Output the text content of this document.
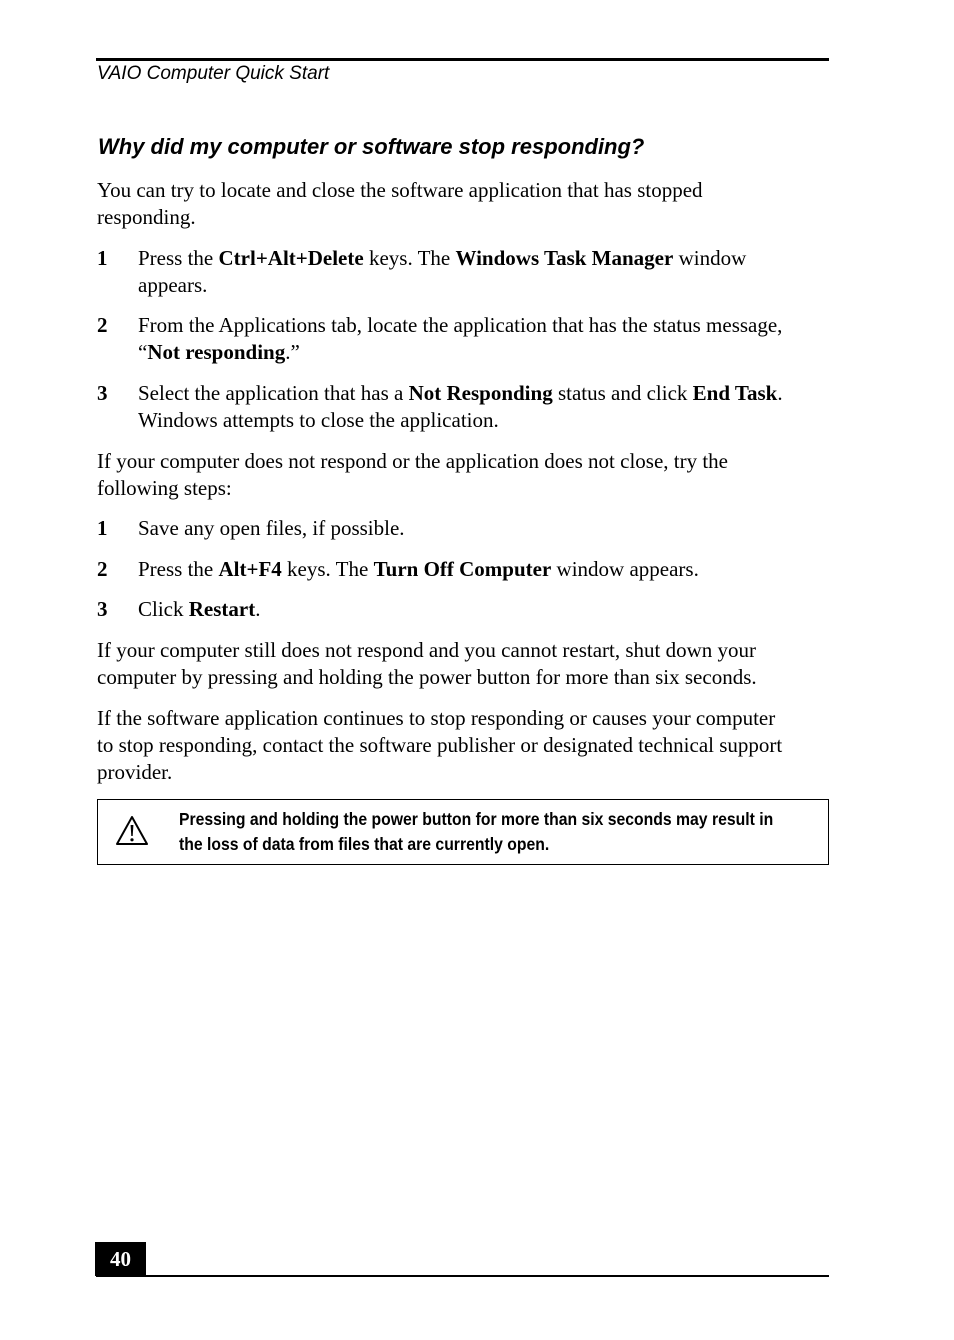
VAIO Computer Quick Start
Why did my computer or software stop responding?

You can try to locate and close the software application that has stopped

responding.

1 Press the Ctrl+Alt+Delete keys. The Windows Task Manager window
appears.
2 From the Applications tab, locate the application that has the status message,
“Not responding.”
3 Select the application that has a Not Responding status and click End Task.
Windows attempts to close the application.

If your computer does not respond or the application does not close, try the

following steps:

1 Save any open files, if possible.
2 Press the Alt+F4 keys. The Turn Off Computer window appears.
3 Click Restart.

If your computer still does not respond and you cannot restart, shut down your

computer by pressing and holding the power button for more than six seconds.

If the software application continues to stop responding or causes your computer

to stop responding, contact the software publisher or designated technical support

provider.

Pressing and holding the power button for more than six seconds may result in
the loss of data from files that are currently open.
40
